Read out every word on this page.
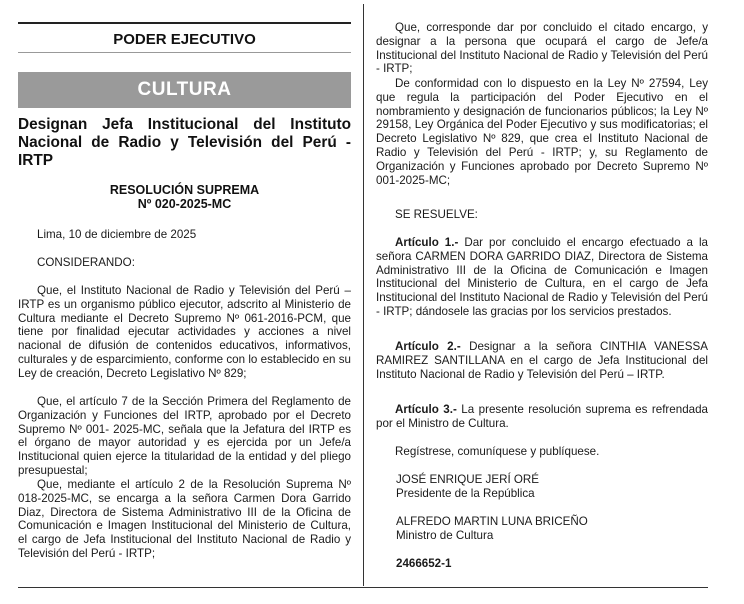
PODER EJECUTIVO
CULTURA
Designan Jefa Institucional del Instituto Nacional de Radio y Televisión del Perú - IRTP
RESOLUCIÓN SUPREMA
Nº 020-2025-MC

Lima, 10 de diciembre de 2025

CONSIDERANDO:

Que, el Instituto Nacional de Radio y Televisión del Perú – IRTP es un organismo público ejecutor, adscrito al Ministerio de Cultura mediante el Decreto Supremo Nº 061-2016-PCM, que tiene por finalidad ejecutar actividades y acciones a nivel nacional de difusión de contenidos educativos, informativos, culturales y de esparcimiento, conforme con lo establecido en su Ley de creación, Decreto Legislativo Nº 829;

Que, el artículo 7 de la Sección Primera del Reglamento de Organización y Funciones del IRTP, aprobado por el Decreto Supremo Nº 001- 2025-MC, señala que la Jefatura del IRTP es el órgano de mayor autoridad y es ejercida por un Jefe/a Institucional quien ejerce la titularidad de la entidad y del pliego presupuestal;

Que, mediante el artículo 2 de la Resolución Suprema Nº 018-2025-MC, se encarga a la señora Carmen Dora Garrido Diaz, Directora de Sistema Administrativo III de la Oficina de Comunicación e Imagen Institucional del Ministerio de Cultura, el cargo de Jefa Institucional del Instituto Nacional de Radio y Televisión del Perú - IRTP;

Que, corresponde dar por concluido el citado encargo, y designar a la persona que ocupará el cargo de Jefe/a Institucional del Instituto Nacional de Radio y Televisión del Perú - IRTP;

De conformidad con lo dispuesto en la Ley Nº 27594, Ley que regula la participación del Poder Ejecutivo en el nombramiento y designación de funcionarios públicos; la Ley Nº 29158, Ley Orgánica del Poder Ejecutivo y sus modificatorias; el Decreto Legislativo Nº 829, que crea el Instituto Nacional de Radio y Televisión del Perú - IRTP; y, su Reglamento de Organización y Funciones aprobado por Decreto Supremo Nº 001-2025-MC;

SE RESUELVE:

Artículo 1.- Dar por concluido el encargo efectuado a la señora CARMEN DORA GARRIDO DIAZ, Directora de Sistema Administrativo III de la Oficina de Comunicación e Imagen Institucional del Ministerio de Cultura, en el cargo de Jefa Institucional del Instituto Nacional de Radio y Televisión del Perú - IRTP; dándosele las gracias por los servicios prestados.

Artículo 2.- Designar a la señora CINTHIA VANESSA RAMIREZ SANTILLANA en el cargo de Jefa Institucional del Instituto Nacional de Radio y Televisión del Perú – IRTP.

Artículo 3.- La presente resolución suprema es refrendada por el Ministro de Cultura.

Regístrese, comuníquese y publíquese.

JOSÉ ENRIQUE JERÍ ORÉ

Presidente de la República

ALFREDO MARTIN LUNA BRICEÑO

Ministro de Cultura

2466652-1
